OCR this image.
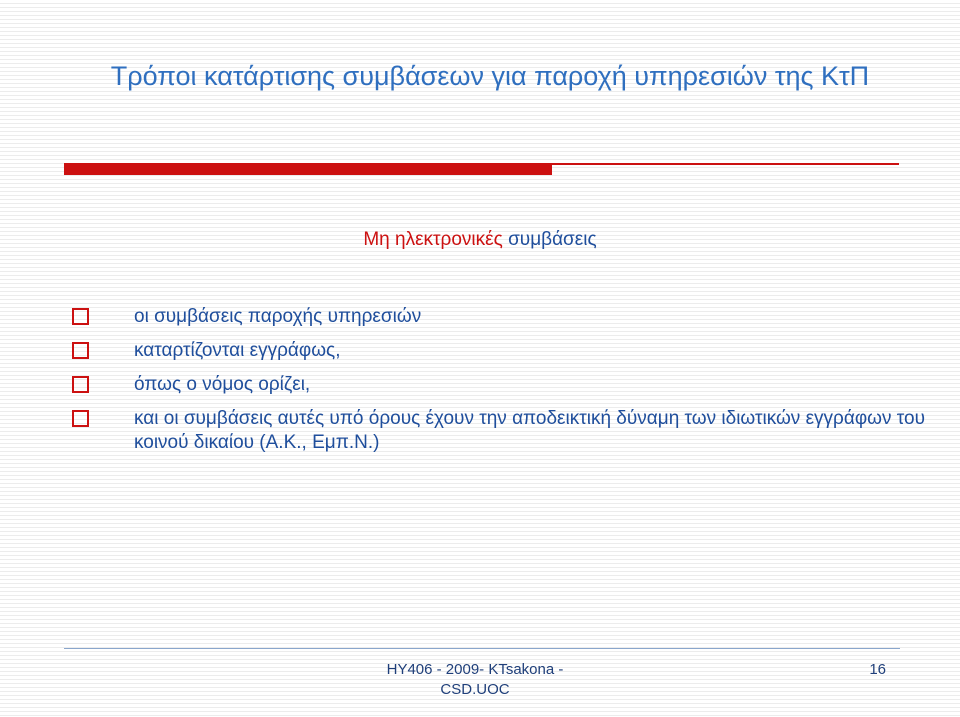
Τρόποι κατάρτισης συμβάσεων για παροχή υπηρεσιών της ΚτΠ
Μη ηλεκτρονικές συμβάσεις
οι συμβάσεις παροχής υπηρεσιών
καταρτίζονται εγγράφως,
όπως ο νόμος ορίζει,
και οι συμβάσεις αυτές υπό όρους έχουν την αποδεικτική δύναμη των ιδιωτικών εγγράφων του κοινού δικαίου (Α.Κ., Εμπ.Ν.)
HY406 - 2009- KTsakona - CSD.UOC
16
